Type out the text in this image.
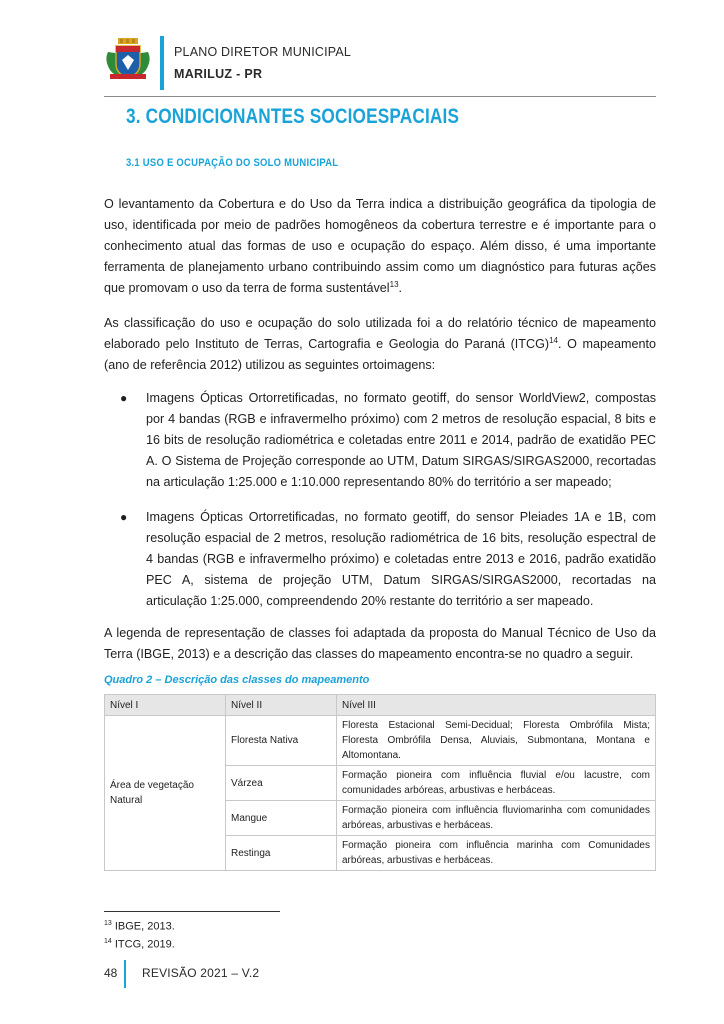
PLANO DIRETOR MUNICIPAL
MARILUZ - PR
3. CONDICIONANTES SOCIOESPACIAIS
3.1 USO E OCUPAÇÃO DO SOLO MUNICIPAL
O levantamento da Cobertura e do Uso da Terra indica a distribuição geográfica da tipologia de uso, identificada por meio de padrões homogêneos da cobertura terrestre e é importante para o conhecimento atual das formas de uso e ocupação do espaço. Além disso, é uma importante ferramenta de planejamento urbano contribuindo assim como um diagnóstico para futuras ações que promovam o uso da terra de forma sustentável$^{13}$.
As classificação do uso e ocupação do solo utilizada foi a do relatório técnico de mapeamento elaborado pelo Instituto de Terras, Cartografia e Geologia do Paraná (ITCG)$^{14}$. O mapeamento (ano de referência 2012) utilizou as seguintes ortoimagens:
● Imagens Ópticas Ortorretificadas, no formato geotiff, do sensor WorldView2, compostas por 4 bandas (RGB e infravermelho próximo) com 2 metros de resolução espacial, 8 bits e 16 bits de resolução radiométrica e coletadas entre 2011 e 2014, padrão de exatidão PEC A. O Sistema de Projeção corresponde ao UTM, Datum SIRGAS/SIRGAS2000, recortadas na articulação 1:25.000 e 1:10.000 representando 80% do território a ser mapeado;
● Imagens Ópticas Ortorretificadas, no formato geotiff, do sensor Pleiades 1A e 1B, com resolução espacial de 2 metros, resolução radiométrica de 16 bits, resolução espectral de 4 bandas (RGB e infravermelho próximo) e coletadas entre 2013 e 2016, padrão exatidão PEC A, sistema de projeção UTM, Datum SIRGAS/SIRGAS2000, recortadas na articulação 1:25.000, compreendendo 20% restante do território a ser mapeado.
A legenda de representação de classes foi adaptada da proposta do Manual Técnico de Uso da Terra (IBGE, 2013) e a descrição das classes do mapeamento encontra-se no quadro a seguir.
Quadro 2 – Descrição das classes do mapeamento
Nível I	Nível II	Nível III
Área de vegetação Natural	Floresta Nativa	Floresta Estacional Semi-Decidual; Floresta Ombrófila Mista; Floresta Ombrófila Densa, Aluviais, Submontana, Montana e Altomontana.
	Várzea	Formação pioneira com influência fluvial e/ou lacustre, com comunidades arbóreas, arbustivas e herbáceas.
	Mangue	Formação pioneira com influência fluviomarinha com comunidades arbóreas, arbustivas e herbáceas.
	Restinga	Formação pioneira com influência marinha com Comunidades arbóreas, arbustivas e herbáceas.
$^{13}$ IBGE, 2013.
$^{14}$ ITCG, 2019.
48 REVISÃO 2021 – V.2
